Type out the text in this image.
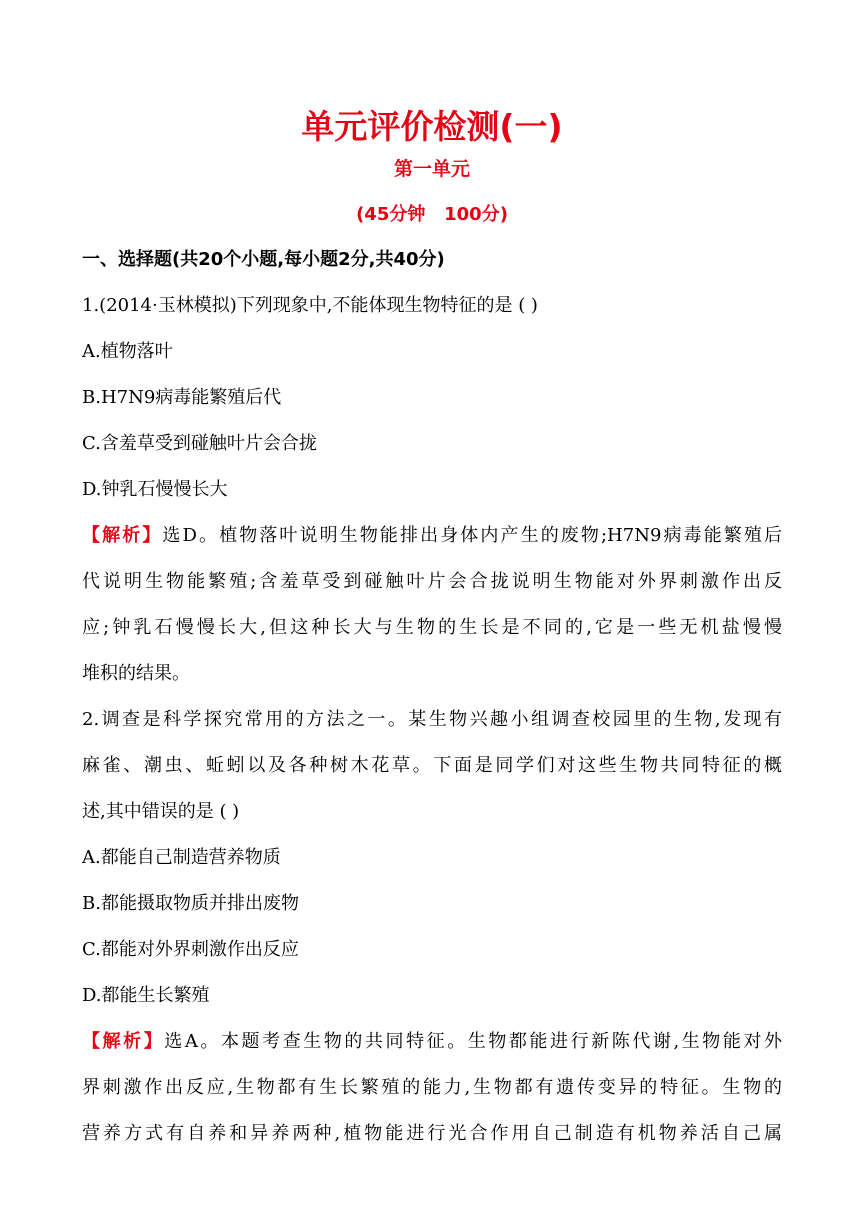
单元评价检测(一)
第一单元
(45分钟   100分)
一、选择题(共20个小题,每小题2分,共40分)
1.(2014·玉林模拟)下列现象中,不能体现生物特征的是 ( )
A.植物落叶
B.H7N9病毒能繁殖后代
C.含羞草受到碰触叶片会合拢
D.钟乳石慢慢长大
【解析】选D。植物落叶说明生物能排出身体内产生的废物;H7N9病毒能繁殖后
代说明生物能繁殖;含羞草受到碰触叶片会合拢说明生物能对外界刺激作出反
应;钟乳石慢慢长大,但这种长大与生物的生长是不同的,它是一些无机盐慢慢
堆积的结果。
2.调查是科学探究常用的方法之一。某生物兴趣小组调查校园里的生物,发现有
麻雀、潮虫、蚯蚓以及各种树木花草。下面是同学们对这些生物共同特征的概
述,其中错误的是 ( )
A.都能自己制造营养物质
B.都能摄取物质并排出废物
C.都能对外界刺激作出反应
D.都能生长繁殖
【解析】选A。本题考查生物的共同特征。生物都能进行新陈代谢,生物能对外
界刺激作出反应,生物都有生长繁殖的能力,生物都有遗传变异的特征。生物的
营养方式有自养和异养两种,植物能进行光合作用自己制造有机物养活自己属
